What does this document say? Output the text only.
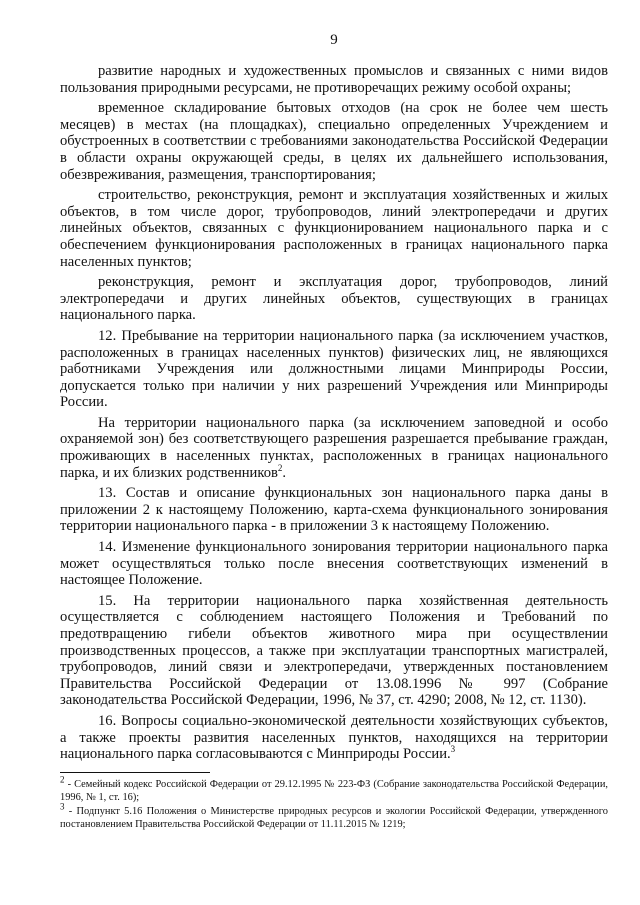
9

развитие народных и художественных промыслов и связанных с ними видов пользования природными ресурсами, не противоречащих режиму особой охраны;

временное складирование бытовых отходов (на срок не более чем шесть месяцев) в местах (на площадках), специально определенных Учреждением и обустроенных в соответствии с требованиями законодательства Российской Федерации в области охраны окружающей среды, в целях их дальнейшего использования, обезвреживания, размещения, транспортирования;

строительство, реконструкция, ремонт и эксплуатация хозяйственных и жилых объектов, в том числе дорог, трубопроводов, линий электропередачи и других линейных объектов, связанных с функционированием национального парка и с обеспечением функционирования расположенных в границах национального парка населенных пунктов;

реконструкция, ремонт и эксплуатация дорог, трубопроводов, линий электропередачи и других линейных объектов, существующих в границах национального парка.

12. Пребывание на территории национального парка (за исключением участков, расположенных в границах населенных пунктов) физических лиц, не являющихся работниками Учреждения или должностными лицами Минприроды России, допускается только при наличии у них разрешений Учреждения или Минприроды России.

На территории национального парка (за исключением заповедной и особо охраняемой зон) без соответствующего разрешения разрешается пребывание граждан, проживающих в населенных пунктах, расположенных в границах национального парка, и их близких родственников$^2$.

13. Состав и описание функциональных зон национального парка даны в приложении 2 к настоящему Положению, карта-схема функционального зонирования территории национального парка - в приложении 3 к настоящему Положению.

14. Изменение функционального зонирования территории национального парка может осуществляться только после внесения соответствующих изменений в настоящее Положение.

15. На территории национального парка хозяйственная деятельность осуществляется с соблюдением настоящего Положения и Требований по предотвращению гибели объектов животного мира при осуществлении производственных процессов, а также при эксплуатации транспортных магистралей, трубопроводов, линий связи и электропередачи, утвержденных постановлением Правительства Российской Федерации от 13.08.1996 № 997 (Собрание законодательства Российской Федерации, 1996, № 37, ст. 4290; 2008, № 12, ст. 1130).

16. Вопросы социально-экономической деятельности хозяйствующих субъектов, а также проекты развития населенных пунктов, находящихся на территории национального парка согласовываются с Минприроды России.$^3$

$^2$ - Семейный кодекс Российской Федерации от 29.12.1995 № 223-ФЗ (Собрание законодательства Российской Федерации, 1996, № 1, ст. 16);

$^3$ - Подпункт 5.16 Положения о Министерстве природных ресурсов и экологии Российской Федерации, утвержденного постановлением Правительства Российской Федерации от 11.11.2015 № 1219;
